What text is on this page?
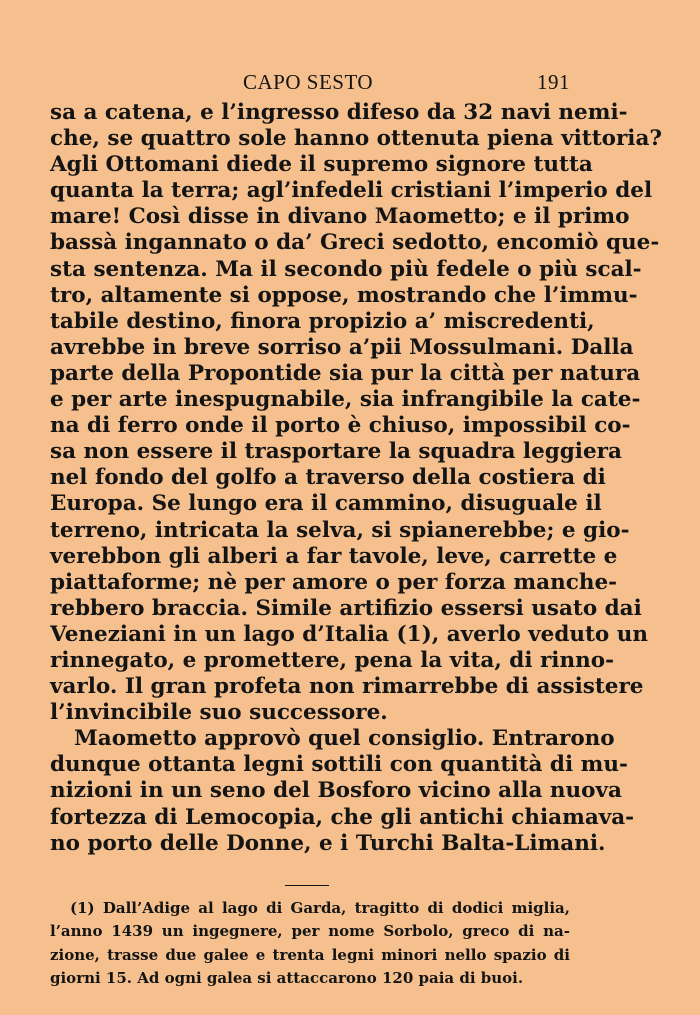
CAPO SESTO	191
sa a catena, e l’ingresso difeso da 32 navi nemi-
che, se quattro sole hanno ottenuta piena vittoria?
Agli Ottomani diede il supremo signore tutta
quanta la terra; agl’infedeli cristiani l’imperio del
mare! Così disse in divano Maometto; e il primo
bassà ingannato o da’ Greci sedotto, encomiò que-
sta sentenza. Ma il secondo più fedele o più scal-
tro, altamente si oppose, mostrando che l’immu-
tabile destino, finora propizio a’ miscredenti,
avrebbe in breve sorriso a’pii Mossulmani. Dalla
parte della Propontide sia pur la città per natura
e per arte inespugnabile, sia infrangibile la cate-
na di ferro onde il porto è chiuso, impossibil co-
sa non essere il trasportare la squadra leggiera
nel fondo del golfo a traverso della costiera di
Europa. Se lungo era il cammino, disuguale il
terreno, intricata la selva, si spianerebbe; e gio-
verebbon gli alberi a far tavole, leve, carrette e
piattaforme; nè per amore o per forza manche-
rebbero braccia. Simile artifizio essersi usato dai
Veneziani in un lago d’Italia (1), averlo veduto un
rinnegato, e promettere, pena la vita, di rinno-
varlo. Il gran profeta non rimarrebbe di assistere
l’invincibile suo successore.
Maometto approvò quel consiglio. Entrarono
dunque ottanta legni sottili con quantità di mu-
nizioni in un seno del Bosforo vicino alla nuova
fortezza di Lemocopia, che gli antichi chiamava-
no porto delle Donne, e i Turchi Balta-Limani.
(1) Dall’Adige al lago di Garda, tragitto di dodici miglia,
l’anno 1439 un ingegnere, per nome Sorbolo, greco di na-
zione, trasse due galee e trenta legni minori nello spazio di
giorni 15. Ad ogni galea si attaccarono 120 paia di buoi.
